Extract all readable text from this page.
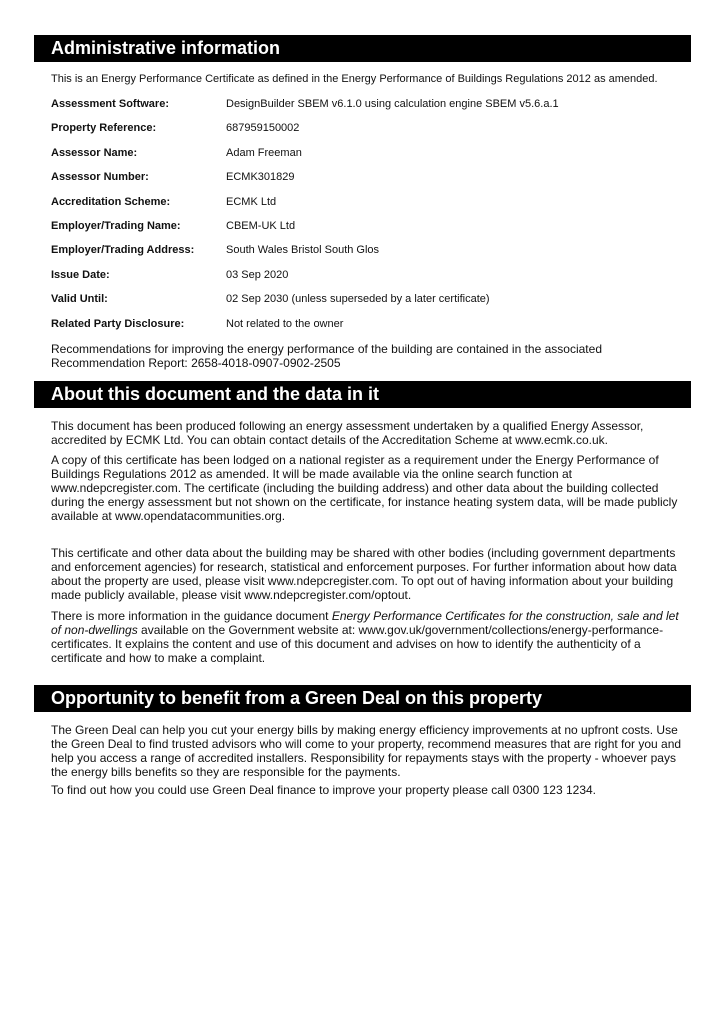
Administrative information

This is an Energy Performance Certificate as defined in the Energy Performance of Buildings Regulations 2012 as amended.

Assessment Software:	DesignBuilder SBEM v6.1.0 using calculation engine SBEM v5.6.a.1
Property Reference:	687959150002
Assessor Name:	Adam Freeman
Assessor Number:	ECMK301829
Accreditation Scheme:	ECMK Ltd
Employer/Trading Name:	CBEM-UK Ltd
Employer/Trading Address:	South Wales Bristol South Glos
Issue Date:	03 Sep 2020
Valid Until:	02 Sep 2030 (unless superseded by a later certificate)
Related Party Disclosure:	Not related to the owner

Recommendations for improving the energy performance of the building are contained in the associated Recommendation Report: 2658-4018-0907-0902-2505

About this document and the data in it

This document has been produced following an energy assessment undertaken by a qualified Energy Assessor, accredited by ECMK Ltd. You can obtain contact details of the Accreditation Scheme at www.ecmk.co.uk.

A copy of this certificate has been lodged on a national register as a requirement under the Energy Performance of Buildings Regulations 2012 as amended. It will be made available via the online search function at www.ndepcregister.com. The certificate (including the building address) and other data about the building collected during the energy assessment but not shown on the certificate, for instance heating system data, will be made publicly available at www.opendatacommunities.org.

This certificate and other data about the building may be shared with other bodies (including government departments and enforcement agencies) for research, statistical and enforcement purposes. For further information about how data about the property are used, please visit www.ndepcregister.com. To opt out of having information about your building made publicly available, please visit www.ndepcregister.com/optout.

There is more information in the guidance document Energy Performance Certificates for the construction, sale and let of non-dwellings available on the Government website at: www.gov.uk/government/collections/energy-performance-certificates. It explains the content and use of this document and advises on how to identify the authenticity of a certificate and how to make a complaint.

Opportunity to benefit from a Green Deal on this property

The Green Deal can help you cut your energy bills by making energy efficiency improvements at no upfront costs. Use the Green Deal to find trusted advisors who will come to your property, recommend measures that are right for you and help you access a range of accredited installers. Responsibility for repayments stays with the property - whoever pays the energy bills benefits so they are responsible for the payments.

To find out how you could use Green Deal finance to improve your property please call 0300 123 1234.
